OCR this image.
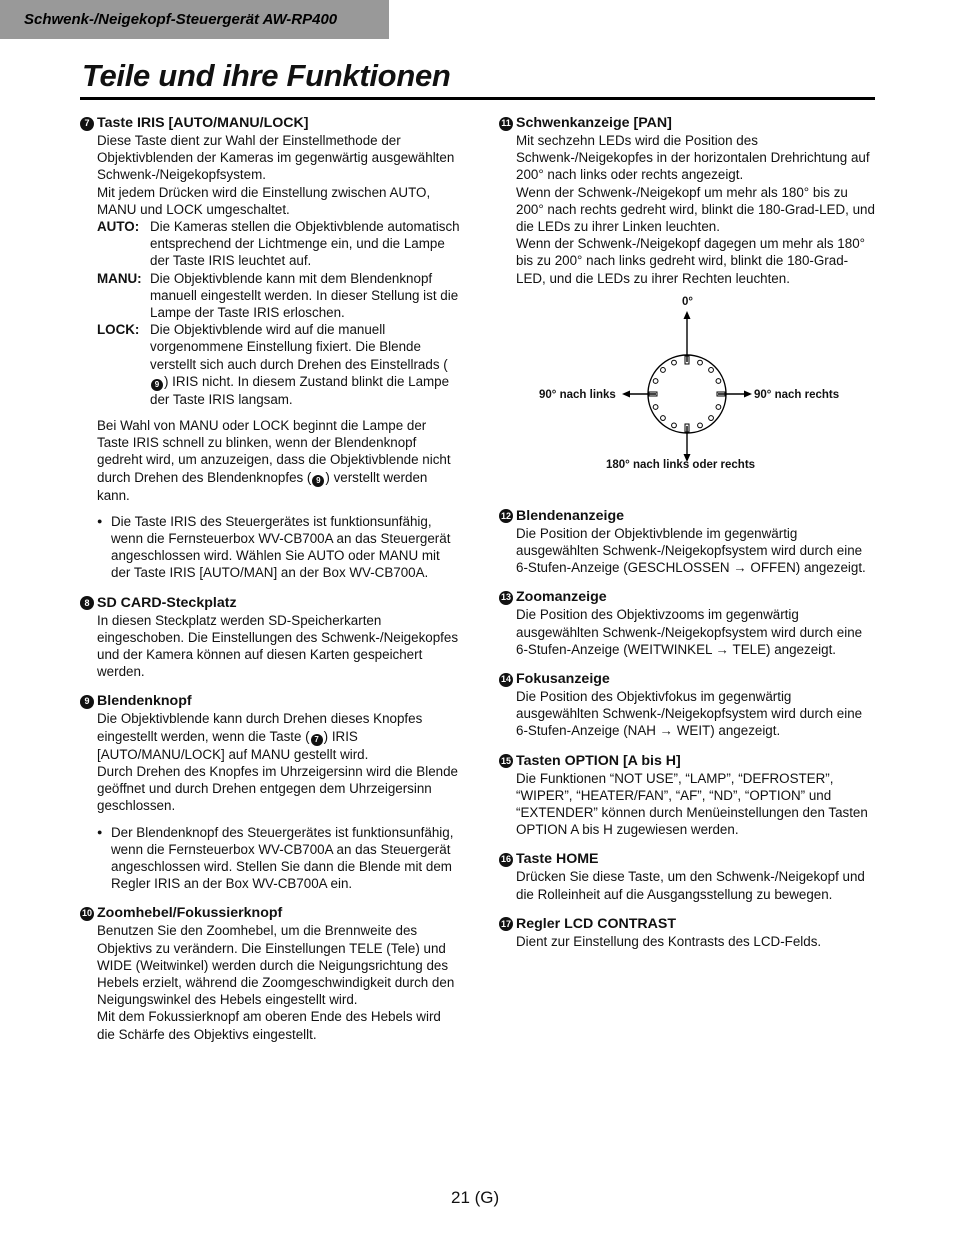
Schwenk-/Neigekopf-Steuergerät AW-RP400
Teile und ihre Funktionen
7 Taste IRIS [AUTO/MANU/LOCK]

Diese Taste dient zur Wahl der Einstellmethode der Objektivblenden der Kameras im gegenwärtig ausgewählten Schwenk-/Neigekopfsystem.

Mit jedem Drücken wird die Einstellung zwischen AUTO, MANU und LOCK umgeschaltet.

AUTO: Die Kameras stellen die Objektivblende automatisch entsprechend der Lichtmenge ein, und die Lampe der Taste IRIS leuchtet auf.
MANU: Die Objektivblende kann mit dem Blendenknopf manuell eingestellt werden. In dieser Stellung ist die Lampe der Taste IRIS erloschen.
LOCK: Die Objektivblende wird auf die manuell vorgenommene Einstellung fixiert. Die Blende verstellt sich auch durch Drehen des Einstellrads (9 ) IRIS nicht. In diesem Zustand blinkt die Lampe der Taste IRIS langsam.

Bei Wahl von MANU oder LOCK beginnt die Lampe der Taste IRIS schnell zu blinken, wenn der Blendenknopf gedreht wird, um anzuzeigen, dass die Objektivblende nicht durch Drehen des Blendenknopfes ( 9 ) verstellt werden kann.

● Die Taste IRIS des Steuergerätes ist funktionsunfähig, wenn die Fernsteuerbox WV-CB700A an das Steuergerät angeschlossen wird. Wählen Sie AUTO oder MANU mit der Taste IRIS [AUTO/MAN] an der Box WV-CB700A.
8 SD CARD-Steckplatz

In diesen Steckplatz werden SD-Speicherkarten eingeschoben. Die Einstellungen des Schwenk-/Neigekopfes und der Kamera können auf diesen Karten gespeichert werden.

9 Blendenknopf

Die Objektivblende kann durch Drehen dieses Knopfes eingestellt werden, wenn die Taste ( 7 ) IRIS [AUTO/MANU/LOCK] auf MANU gestellt wird.

Durch Drehen des Knopfes im Uhrzeigersinn wird die Blende geöffnet und durch Drehen entgegen dem Uhrzeigersinn geschlossen.

● Der Blendenknopf des Steuergerätes ist funktionsunfähig, wenn die Fernsteuerbox WV-CB700A an das Steuergerät angeschlossen wird. Stellen Sie dann die Blende mit dem Regler IRIS an der Box WV-CB700A ein.
10 Zoomhebel/Fokussierknopf

Benutzen Sie den Zoomhebel, um die Brennweite des Objektivs zu verändern. Die Einstellungen TELE (Tele) und WIDE (Weitwinkel) werden durch die Neigungsrichtung des Hebels erzielt, während die Zoomgeschwindigkeit durch den Neigungswinkel des Hebels eingestellt wird.

Mit dem Fokussierknopf am oberen Ende des Hebels wird die Schärfe des Objektivs eingestellt.

11 Schwenkanzeige [PAN]

Mit sechzehn LEDs wird die Position des Schwenk-/Neigekopfes in der horizontalen Drehrichtung auf 200° nach links oder rechts angezeigt.

Wenn der Schwenk-/Neigekopf um mehr als 180° bis zu 200° nach rechts gedreht wird, blinkt die 180-Grad-LED, und die LEDs zu ihrer Linken leuchten.

Wenn der Schwenk-/Neigekopf dagegen um mehr als 180° bis zu 200° nach links gedreht wird, blinkt die 180-Grad-LED, und die LEDs zu ihrer Rechten leuchten.

0°
90° nach links	90° nach rechts
180° nach links oder rechts
12 Blendenanzeige

Die Position der Objektivblende im gegenwärtig ausgewählten Schwenk-/Neigekopfsystem wird durch eine 6-Stufen-Anzeige (GESCHLOSSEN → OFFEN) angezeigt.

13 Zoomanzeige

Die Position des Objektivzooms im gegenwärtig ausgewählten Schwenk-/Neigekopfsystem wird durch eine 6-Stufen-Anzeige (WEITWINKEL → TELE) angezeigt.

14 Fokusanzeige

Die Position des Objektivfokus im gegenwärtig ausgewählten Schwenk-/Neigekopfsystem wird durch eine 6-Stufen-Anzeige (NAH → WEIT) angezeigt.

15 Tasten OPTION [A bis H]

Die Funktionen “NOT USE”, “LAMP”, “DEFROSTER”, “WIPER”, “HEATER/FAN”, “AF”, “ND”, “OPTION” und “EXTENDER” können durch Menüeinstellungen den Tasten OPTION A bis H zugewiesen werden.

16 Taste HOME

Drücken Sie diese Taste, um den Schwenk-/Neigekopf und die Rolleinheit auf die Ausgangsstellung zu bewegen.

17 Regler LCD CONTRAST

Dient zur Einstellung des Kontrasts des LCD-Felds.

21 (G)
